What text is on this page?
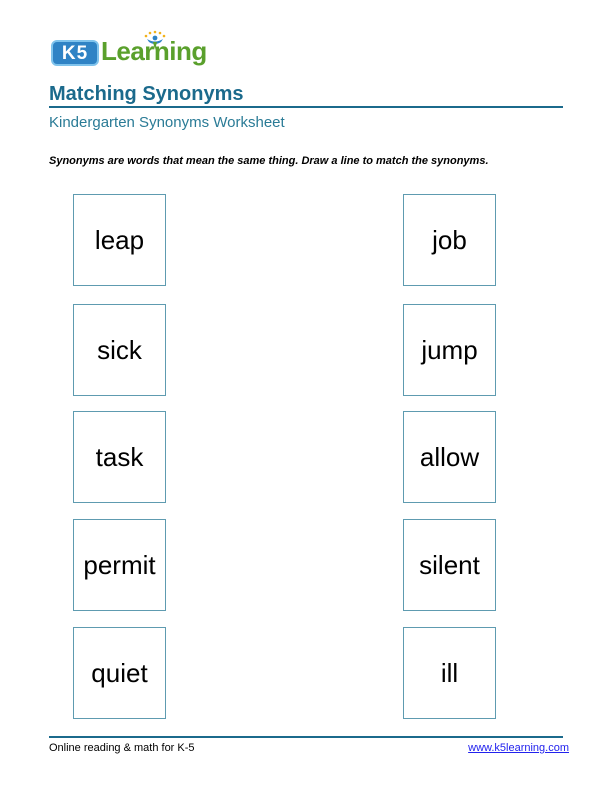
K5 Learning
Matching Synonyms
Kindergarten Synonyms Worksheet
Synonyms are words that mean the same thing. Draw a line to match the synonyms.
leap
sick
task
permit
quiet
job
jump
allow
silent
ill
Online reading & math for K-5	www.k5learning.com
